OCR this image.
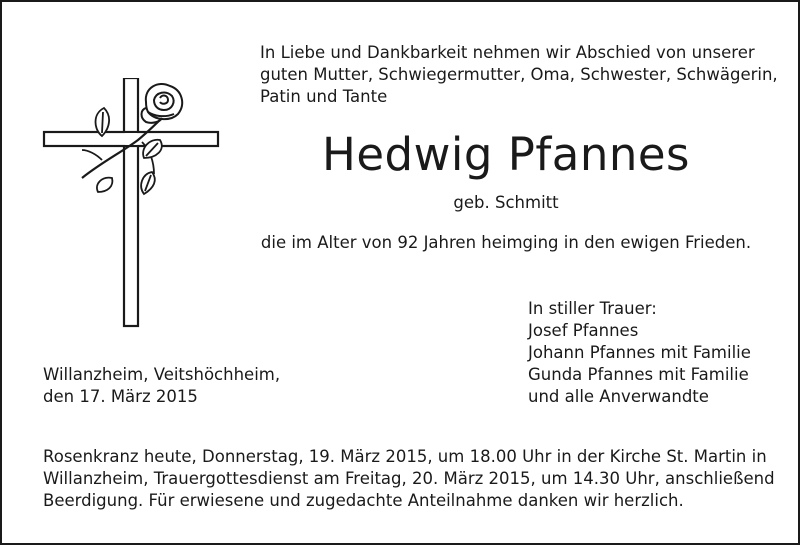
In Liebe und Dankbarkeit nehmen wir Abschied von unserer
guten Mutter, Schwiegermutter, Oma, Schwester, Schwägerin,
Patin und Tante
Hedwig Pfannes
geb. Schmitt
die im Alter von 92 Jahren heimging in den ewigen Frieden.
In stiller Trauer:
Josef Pfannes
Johann Pfannes mit Familie
Gunda Pfannes mit Familie
und alle Anverwandte
Willanzheim, Veitshöchheim,
den 17. März 2015
Rosenkranz heute, Donnerstag, 19. März 2015, um 18.00 Uhr in der Kirche St. Martin in
Willanzheim, Trauergottesdienst am Freitag, 20. März 2015, um 14.30 Uhr, anschließend
Beerdigung. Für erwiesene und zugedachte Anteilnahme danken wir herzlich.
